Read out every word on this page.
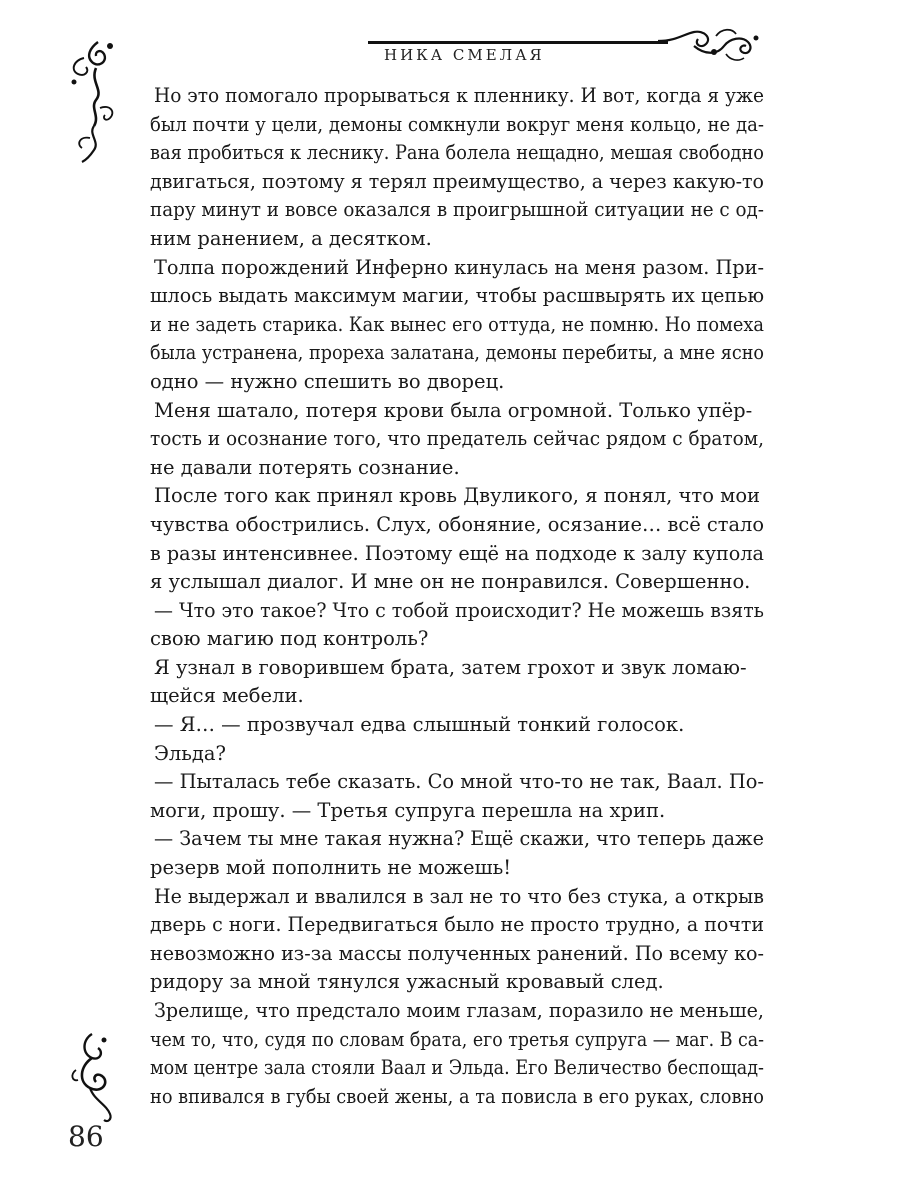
НИКА СМЕЛАЯ
86
Но это помогало прорываться к пленнику. И вот, когда я уже
был почти у цели, демоны сомкнули вокруг меня кольцо, не да-
вая пробиться к леснику. Рана болела нещадно, мешая свободно
двигаться, поэтому я терял преимущество, а через какую-то
пару минут и вовсе оказался в проигрышной ситуации не с од-
ним ранением, а десятком.
Толпа порождений Инферно кинулась на меня разом. При-
шлось выдать максимум магии, чтобы расшвырять их цепью
и не задеть старика. Как вынес его оттуда, не помню. Но помеха
была устранена, прореха залатана, демоны перебиты, а мне ясно
одно — нужно спешить во дворец.
Меня шатало, потеря крови была огромной. Только упёр-
тость и осознание того, что предатель сейчас рядом с братом,
не давали потерять сознание.
После того как принял кровь Двуликого, я понял, что мои
чувства обострились. Слух, обоняние, осязание… всё стало
в разы интенсивнее. Поэтому ещё на подходе к залу купола
я услышал диалог. И мне он не понравился. Совершенно.
— Что это такое? Что с тобой происходит? Не можешь взять
свою магию под контроль?
Я узнал в говорившем брата, затем грохот и звук ломаю-
щейся мебели.
— Я… — прозвучал едва слышный тонкий голосок.
Эльда?
— Пыталась тебе сказать. Со мной что-то не так, Ваал. По-
моги, прошу. — Третья супруга перешла на хрип.
— Зачем ты мне такая нужна? Ещё скажи, что теперь даже
резерв мой пополнить не можешь!
Не выдержал и ввалился в зал не то что без стука, а открыв
дверь с ноги. Передвигаться было не просто трудно, а почти
невозможно из-за массы полученных ранений. По всему ко-
ридору за мной тянулся ужасный кровавый след.
Зрелище, что предстало моим глазам, поразило не меньше,
чем то, что, судя по словам брата, его третья супруга — маг. В са-
мом центре зала стояли Ваал и Эльда. Его Величество беспощад-
но впивался в губы своей жены, а та повисла в его руках, словно
